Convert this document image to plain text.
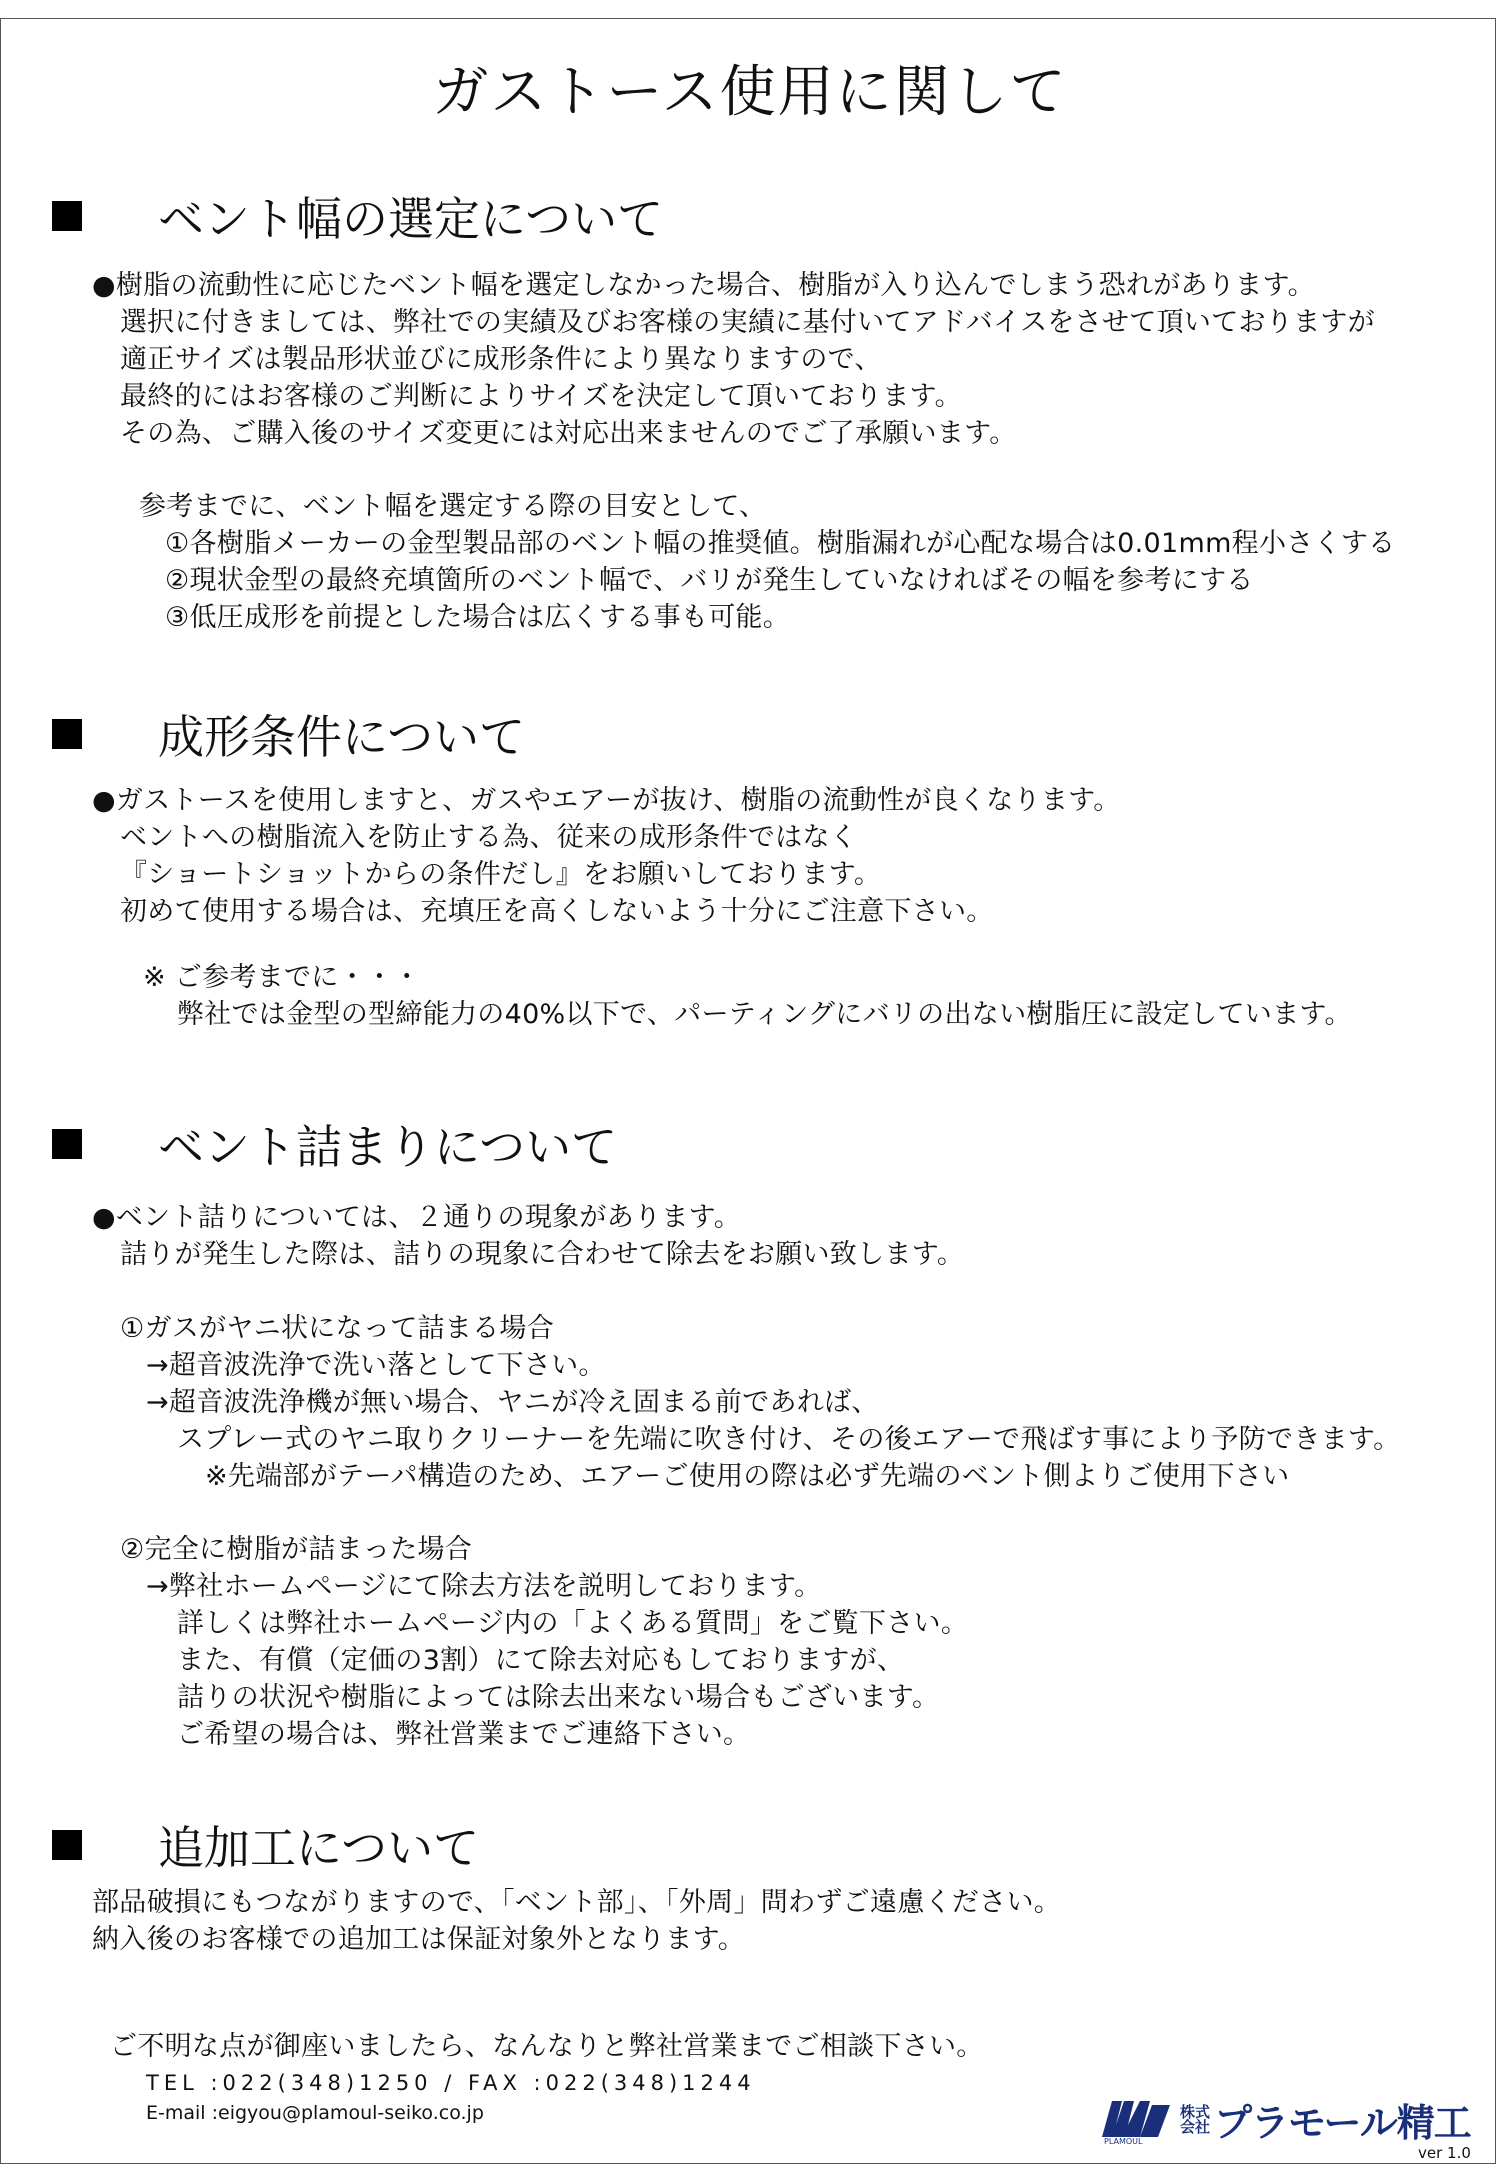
ガストース使用に関して
ベント幅の選定について
●樹脂の流動性に応じたベント幅を選定しなかった場合、樹脂が入り込んでしまう恐れがあります。
選択に付きましては、弊社での実績及びお客様の実績に基付いてアドバイスをさせて頂いておりますが
適正サイズは製品形状並びに成形条件により異なりますので、
最終的にはお客様のご判断によりサイズを決定して頂いております。
その為、ご購入後のサイズ変更には対応出来ませんのでご了承願います。
参考までに、ベント幅を選定する際の目安として、
①各樹脂メーカーの金型製品部のベント幅の推奨値。樹脂漏れが心配な場合は0.01mm程小さくする
②現状金型の最終充填箇所のベント幅で、バリが発生していなければその幅を参考にする
③低圧成形を前提とした場合は広くする事も可能。
成形条件について
●ガストースを使用しますと、ガスやエアーが抜け、樹脂の流動性が良くなります。
ベントへの樹脂流入を防止する為、従来の成形条件ではなく
『ショートショットからの条件だし』をお願いしております。
初めて使用する場合は、充填圧を高くしないよう十分にご注意下さい。
※ ご参考までに・・・
弊社では金型の型締能力の40%以下で、パーティングにバリの出ない樹脂圧に設定しています。
ベント詰まりについて
●ベント詰りについては、２通りの現象があります。
詰りが発生した際は、詰りの現象に合わせて除去をお願い致します。
①ガスがヤニ状になって詰まる場合
→超音波洗浄で洗い落として下さい。
→超音波洗浄機が無い場合、ヤニが冷え固まる前であれば、
スプレー式のヤニ取りクリーナーを先端に吹き付け、その後エアーで飛ばす事により予防できます。
※先端部がテーパ構造のため、エアーご使用の際は必ず先端のベント側よりご使用下さい
②完全に樹脂が詰まった場合
→弊社ホームページにて除去方法を説明しております。
詳しくは弊社ホームページ内の「よくある質問」をご覧下さい。
また、有償（定価の3割）にて除去対応もしておりますが、
詰りの状況や樹脂によっては除去出来ない場合もございます。
ご希望の場合は、弊社営業までご連絡下さい。
追加工について
部品破損にもつながりますので、「ベント部」、「外周」問わずご遠慮ください。
納入後のお客様での追加工は保証対象外となります。
ご不明な点が御座いましたら、なんなりと弊社営業までご相談下さい。
TEL :022(348)1250 / FAX :022(348)1244
E-mail :eigyou@plamoul-seiko.co.jp
PLAMOUL
株式
会社 プラモール精工
ver 1.0
